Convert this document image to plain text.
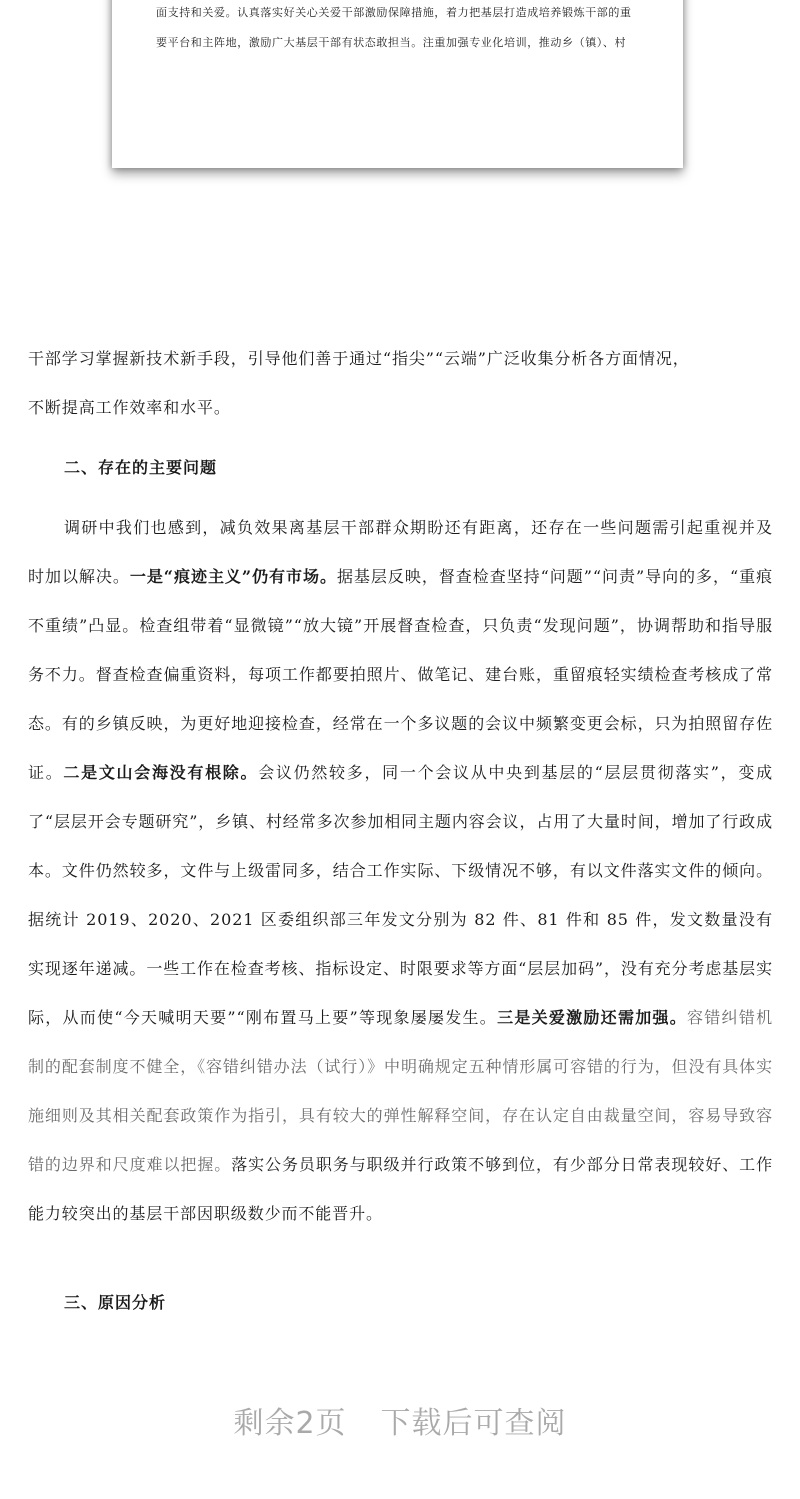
面支持和关爱。认真落实好关心关爱干部激励保障措施，着力把基层打造成培养锻炼干部的重
要平台和主阵地，激励广大基层干部有状态敢担当。注重加强专业化培训，推动乡（镇）、村

干部学习掌握新技术新手段，引导他们善于通过“指尖”“云端”广泛收集分析各方面情况，

不断提高工作效率和水平。

二、存在的主要问题

调研中我们也感到，减负效果离基层干部群众期盼还有距离，还存在一些问题需引起重视并及时加以解决。一是“痕迹主义”仍有市场。据基层反映，督查检查坚持“问题”“问责”导向的多，“重痕不重绩”凸显。检查组带着“显微镜”“放大镜”开展督查检查，只负责“发现问题”，协调帮助和指导服务不力。督查检查偏重资料，每项工作都要拍照片、做笔记、建台账，重留痕轻实绩检查考核成了常态。有的乡镇反映，为更好地迎接检查，经常在一个多议题的会议中频繁变更会标，只为拍照留存佐证。二是文山会海没有根除。会议仍然较多，同一个会议从中央到基层的“层层贯彻落实”，变成了“层层开会专题研究”，乡镇、村经常多次参加相同主题内容会议，占用了大量时间，增加了行政成本。文件仍然较多，文件与上级雷同多，结合工作实际、下级情况不够，有以文件落实文件的倾向。据统计 2019、2020、2021 区委组织部三年发文分别为 82 件、81 件和 85 件，发文数量没有实现逐年递减。一些工作在检查考核、指标设定、时限要求等方面“层层加码”，没有充分考虑基层实际，从而使“今天喊明天要”“刚布置马上要”等现象屡屡发生。三是关爱激励还需加强。容错纠错机制的配套制度不健全，《容错纠错办法（试行）》中明确规定五种情形属可容错的行为，但没有具体实施细则及其相关配套政策作为指引，具有较大的弹性解释空间，存在认定自由裁量空间，容易导致容错的边界和尺度难以把握。落实公务员职务与职级并行政策不够到位，有少部分日常表现较好、工作能力较突出的基层干部因职级数少而不能晋升。

三、原因分析
剩余2页 下载后可查阅
